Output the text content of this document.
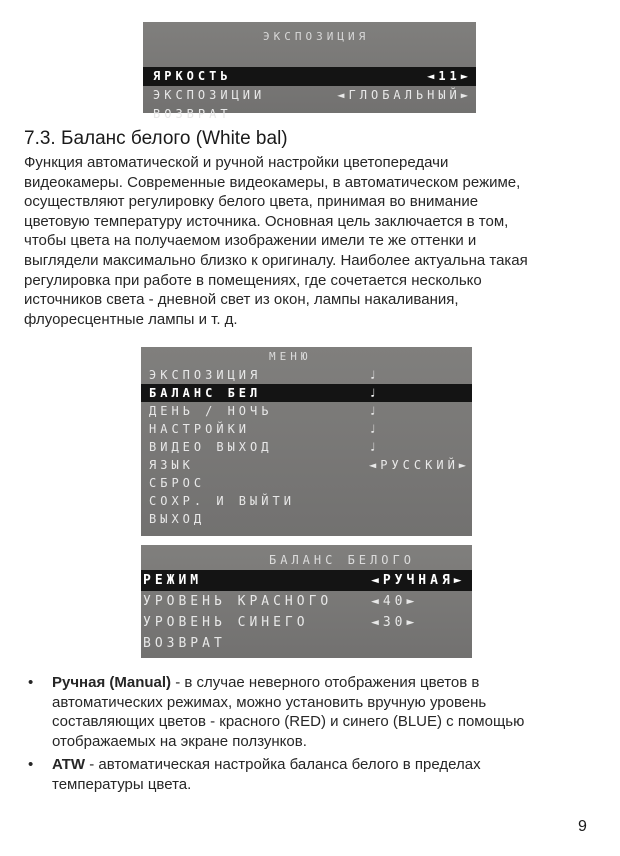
ЭКСПОЗИЦИЯ
ЯРКОСТЬ	◄11►
ЭКСПОЗИЦИИ	◄ГЛОБАЛЬНЫЙ►
ВОЗВРАТ
7.3. Баланс белого (White bal)

Функция автоматической и ручной настройки цветопередачи
видеокамеры. Современные видеокамеры, в автоматическом режиме,
осуществляют регулировку белого цвета, принимая во внимание
цветовую температуру источника. Основная цель заключается в том,
чтобы цвета на получаемом изображении имели те же оттенки и
выглядели максимально близко к оригиналу. Наиболее актуальна такая
регулировка при работе в помещениях, где сочетается несколько
источников света - дневной свет из окон, лампы накаливания,
флуоресцентные лампы и т. д.

МЕНЮ
ЭКСПОЗИЦИЯ	♩
БАЛАНС БЕЛ	♩
ДЕНЬ / НОЧЬ	♩
НАСТРОЙКИ	♩
ВИДЕО ВЫХОД	♩
ЯЗЫК	◄РУССКИЙ►
СБРОС
СОХР. И ВЫЙТИ
ВЫХОД
БАЛАНС БЕЛОГО
РЕЖИМ	◄РУЧНАЯ►
УРОВЕНЬ КРАСНОГО	◄40►
УРОВЕНЬ СИНЕГО	◄30►
ВОЗВРАТ
• Ручная (Manual) - в случае неверного отображения цветов в
автоматических режимах, можно установить вручную уровень
составляющих цветов - красного (RED) и синего (BLUE) с помощью
отображаемых на экране ползунков.
• ATW - автоматическая настройка баланса белого в пределах
температуры цвета.
9
